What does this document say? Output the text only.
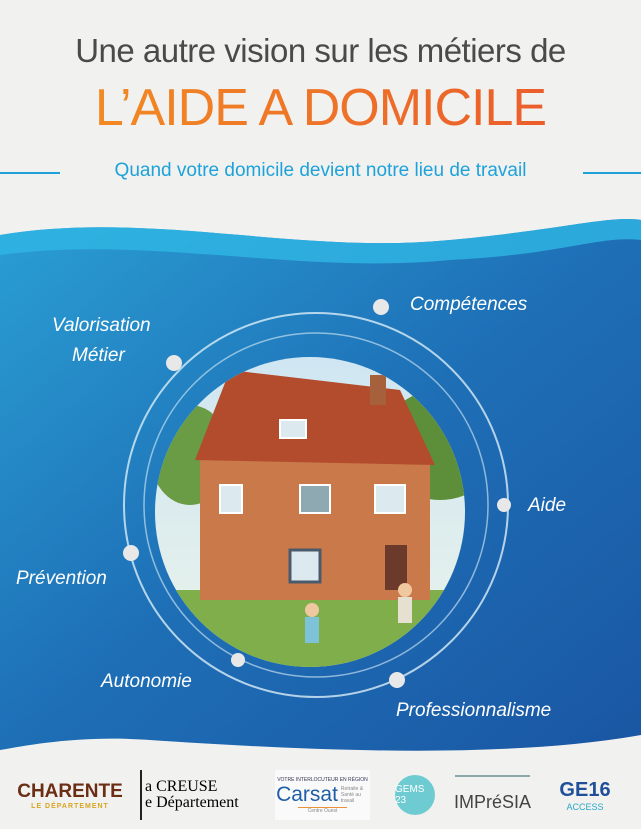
Une autre vision sur les métiers de
L’AIDE A DOMICILE
Quand votre domicile devient notre lieu de travail
Compétences
Valorisation
Métier
Aide
Prévention
Autonomie
Professionnalisme
CHARENTE
LE DÉPARTEMENT
a CREUSE
e Département
VOTRE INTERLOCUTEUR EN RÉGION
Carsat Retraite & Santé au travail
Centre Ouest
GEMS 23	IMPréSIA
GE16
ACCESS
